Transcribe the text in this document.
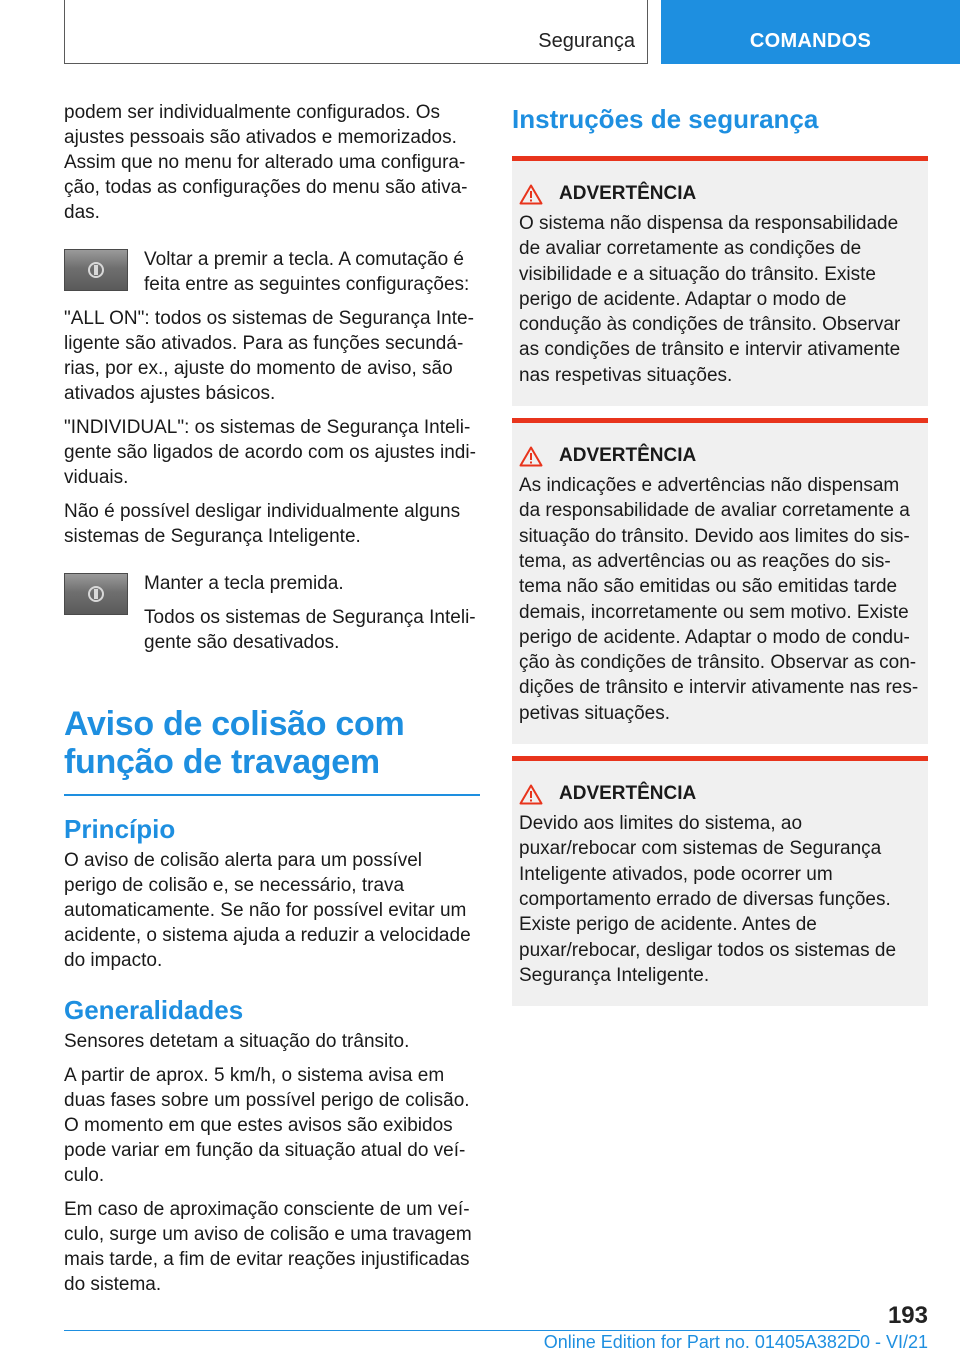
Segurança	COMANDOS

podem ser individualmente configurados. Os ajustes pessoais são ativados e memorizados. Assim que no menu for alterado uma configuração, todas as configurações do menu são ativadas.

Voltar a premir a tecla. A comutação é feita entre as seguintes configurações:

"ALL ON": todos os sistemas de Segurança Inteligente são ativados. Para as funções secundárias, por ex., ajuste do momento de aviso, são ativados ajustes básicos.

"INDIVIDUAL": os sistemas de Segurança Inteligente são ligados de acordo com os ajustes individuais.

Não é possível desligar individualmente alguns sistemas de Segurança Inteligente.

Manter a tecla premida.

Todos os sistemas de Segurança Inteligente são desativados.

Aviso de colisão com função de travagem
Princípio

O aviso de colisão alerta para um possível perigo de colisão e, se necessário, trava automaticamente. Se não for possível evitar um acidente, o sistema ajuda a reduzir a velocidade do impacto.

Generalidades

Sensores detetam a situação do trânsito.

A partir de aprox. 5 km/h, o sistema avisa em duas fases sobre um possível perigo de colisão. O momento em que estes avisos são exibidos pode variar em função da situação atual do veículo.

Em caso de aproximação consciente de um veículo, surge um aviso de colisão e uma travagem mais tarde, a fim de evitar reações injustificadas do sistema.

Instruções de segurança
ADVERTÊNCIA

O sistema não dispensa da responsabilidade de avaliar corretamente as condições de visibilidade e a situação do trânsito. Existe perigo de acidente. Adaptar o modo de condução às condições de trânsito. Observar as condições de trânsito e intervir ativamente nas respetivas situações.

ADVERTÊNCIA

As indicações e advertências não dispensam da responsabilidade de avaliar corretamente a situação do trânsito. Devido aos limites do sistema, as advertências ou as reações do sistema não são emitidas ou são emitidas tarde demais, incorretamente ou sem motivo. Existe perigo de acidente. Adaptar o modo de condução às condições de trânsito. Observar as condições de trânsito e intervir ativamente nas respetivas situações.

ADVERTÊNCIA

Devido aos limites do sistema, ao puxar/rebocar com sistemas de Segurança Inteligente ativados, pode ocorrer um comportamento errado de diversas funções. Existe perigo de acidente. Antes de puxar/rebocar, desligar todos os sistemas de Segurança Inteligente.

193
Online Edition for Part no. 01405A382D0 - VI/21
